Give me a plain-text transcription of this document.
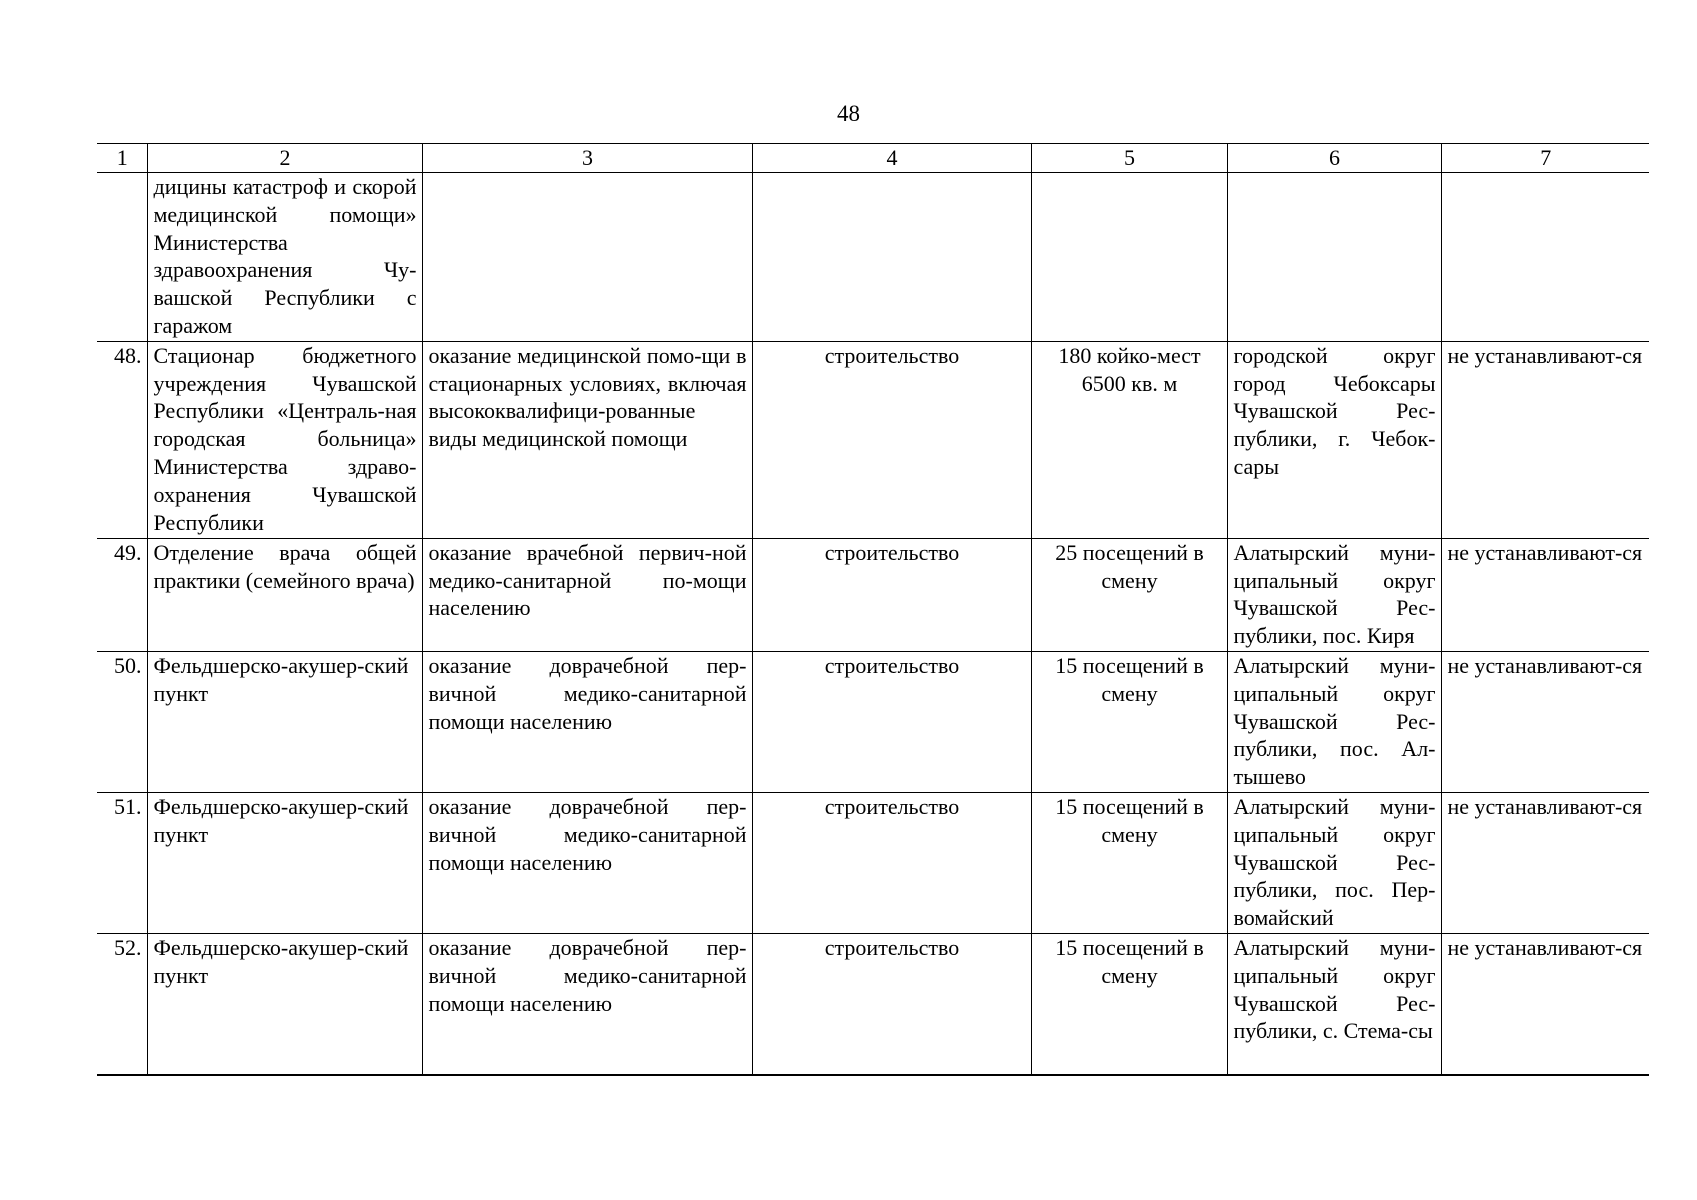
48
1	2	3	4	5	6	7
	дицины катастроф и скорой медицинской помощи» Министерства здравоохранения Чу-вашской Республики с гаражом					
48.	Стационар бюджетного учреждения Чувашской Республики «Централь-ная городская больница» Министерства здраво-охранения Чувашской Республики	оказание медицинской помо-щи в стационарных условиях, включая высококвалифици-рованные виды медицинской помощи	строительство	180 койко-мест 6500 кв. м	городской округ город Чебоксары Чувашской Рес-публики, г. Чебок-сары	не устанавливают-ся
49.	Отделение врача общей практики (семейного врача)	оказание врачебной первич-ной медико-санитарной по-мощи населению	строительство	25 посещений в смену	Алатырский муни-ципальный округ Чувашской Рес-публики, пос. Киря	не устанавливают-ся
50.	Фельдшерско-акушер-ский пункт	оказание доврачебной пер-вичной медико-санитарной помощи населению	строительство	15 посещений в смену	Алатырский муни-ципальный округ Чувашской Рес-публики, пос. Ал-тышево	не устанавливают-ся
51.	Фельдшерско-акушер-ский пункт	оказание доврачебной пер-вичной медико-санитарной помощи населению	строительство	15 посещений в смену	Алатырский муни-ципальный округ Чувашской Рес-публики, пос. Пер-вомайский	не устанавливают-ся
52.	Фельдшерско-акушер-ский пункт	оказание доврачебной пер-вичной медико-санитарной помощи населению	строительство	15 посещений в смену	Алатырский муни-ципальный округ Чувашской Рес-публики, с. Стема-сы	не устанавливают-ся
